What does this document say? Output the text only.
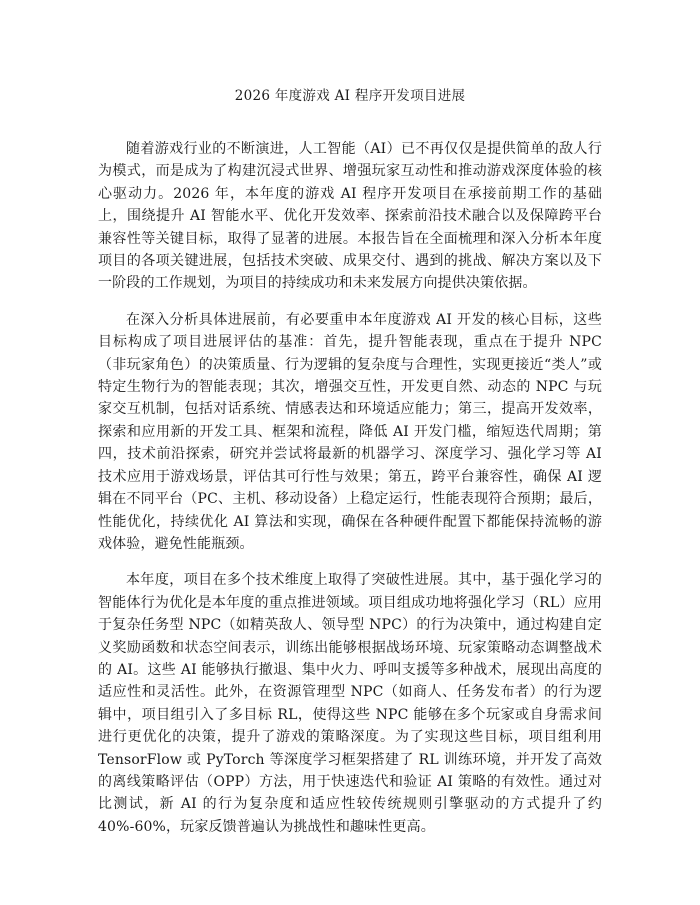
2026 年度游戏 AI 程序开发项目进展

随着游戏行业的不断演进，人工智能（AI）已不再仅仅是提供简单的敌人行为模式，而是成为了构建沉浸式世界、增强玩家互动性和推动游戏深度体验的核心驱动力。2026 年，本年度的游戏 AI 程序开发项目在承接前期工作的基础上，围绕提升 AI 智能水平、优化开发效率、探索前沿技术融合以及保障跨平台兼容性等关键目标，取得了显著的进展。本报告旨在全面梳理和深入分析本年度项目的各项关键进展，包括技术突破、成果交付、遇到的挑战、解决方案以及下一阶段的工作规划，为项目的持续成功和未来发展方向提供决策依据。

在深入分析具体进展前，有必要重申本年度游戏 AI 开发的核心目标，这些目标构成了项目进展评估的基准：首先，提升智能表现，重点在于提升 NPC（非玩家角色）的决策质量、行为逻辑的复杂度与合理性，实现更接近“类人”或特定生物行为的智能表现；其次，增强交互性，开发更自然、动态的 NPC 与玩家交互机制，包括对话系统、情感表达和环境适应能力；第三，提高开发效率，探索和应用新的开发工具、框架和流程，降低 AI 开发门槛，缩短迭代周期；第四，技术前沿探索，研究并尝试将最新的机器学习、深度学习、强化学习等 AI 技术应用于游戏场景，评估其可行性与效果；第五，跨平台兼容性，确保 AI 逻辑在不同平台（PC、主机、移动设备）上稳定运行，性能表现符合预期；最后，性能优化，持续优化 AI 算法和实现，确保在各种硬件配置下都能保持流畅的游戏体验，避免性能瓶颈。

本年度，项目在多个技术维度上取得了突破性进展。其中，基于强化学习的智能体行为优化是本年度的重点推进领域。项目组成功地将强化学习（RL）应用于复杂任务型 NPC（如精英敌人、领导型 NPC）的行为决策中，通过构建自定义奖励函数和状态空间表示，训练出能够根据战场环境、玩家策略动态调整战术的 AI。这些 AI 能够执行撤退、集中火力、呼叫支援等多种战术，展现出高度的适应性和灵活性。此外，在资源管理型 NPC（如商人、任务发布者）的行为逻辑中，项目组引入了多目标 RL，使得这些 NPC 能够在多个玩家或自身需求间进行更优化的决策，提升了游戏的策略深度。为了实现这些目标，项目组利用 TensorFlow 或 PyTorch 等深度学习框架搭建了 RL 训练环境，并开发了高效的离线策略评估（OPP）方法，用于快速迭代和验证 AI 策略的有效性。通过对比测试，新 AI 的行为复杂度和适应性较传统规则引擎驱动的方式提升了约 40%-60%，玩家反馈普遍认为挑战性和趣味性更高。
